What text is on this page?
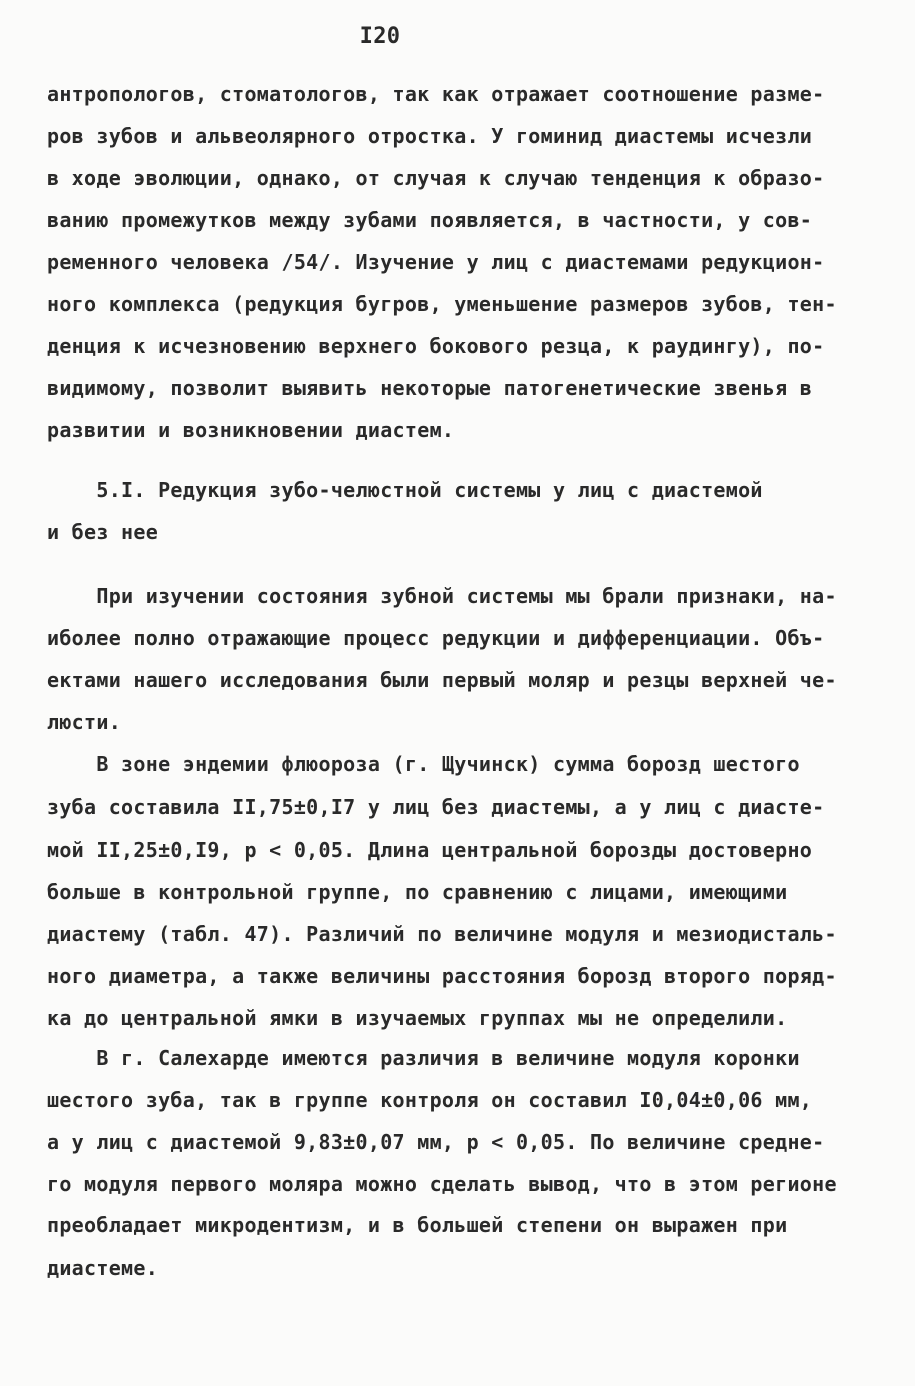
I20
антропологов, стоматологов, так как отражает соотношение разме-
ров зубов и альвеолярного отростка. У гоминид диастемы исчезли
в ходе эволюции, однако, от случая к случаю тенденция к образо-
ванию промежутков между зубами появляется, в частности, у сов-
ременного человека /54/. Изучение у лиц с диастемами редукцион-
ного комплекса (редукция бугров, уменьшение размеров зубов, тен-
денция к исчезновению верхнего бокового резца, к раудингу), по-
видимому, позволит выявить некоторые патогенетические звенья в
развитии и возникновении диастем.
5.I. Редукция зубо-челюстной системы у лиц с диастемой
и без нее
При изучении состояния зубной системы мы брали признаки, на-
иболее полно отражающие процесс редукции и дифференциации. Объ-
ектами нашего исследования были первый моляр и резцы верхней че-
люсти.
В зоне эндемии флюороза (г. Щучинск) сумма борозд шестого
зуба составила II,75±0,I7 у лиц без диастемы, а у лиц с диасте-
мой II,25±0,I9, р < 0,05. Длина центральной борозды достоверно
больше в контрольной группе, по сравнению с лицами, имеющими
диастему (табл. 47). Различий по величине модуля и мезиодисталь-
ного диаметра, а также величины расстояния борозд второго поряд-
ка до центральной ямки в изучаемых группах мы не определили.
В г. Салехарде имеются различия в величине модуля коронки
шестого зуба, так в группе контроля он составил I0,04±0,06 мм,
а у лиц с диастемой 9,83±0,07 мм, р < 0,05. По величине средне-
го модуля первого моляра можно сделать вывод, что в этом регионе
преобладает микродентизм, и в большей степени он выражен при
диастеме.
